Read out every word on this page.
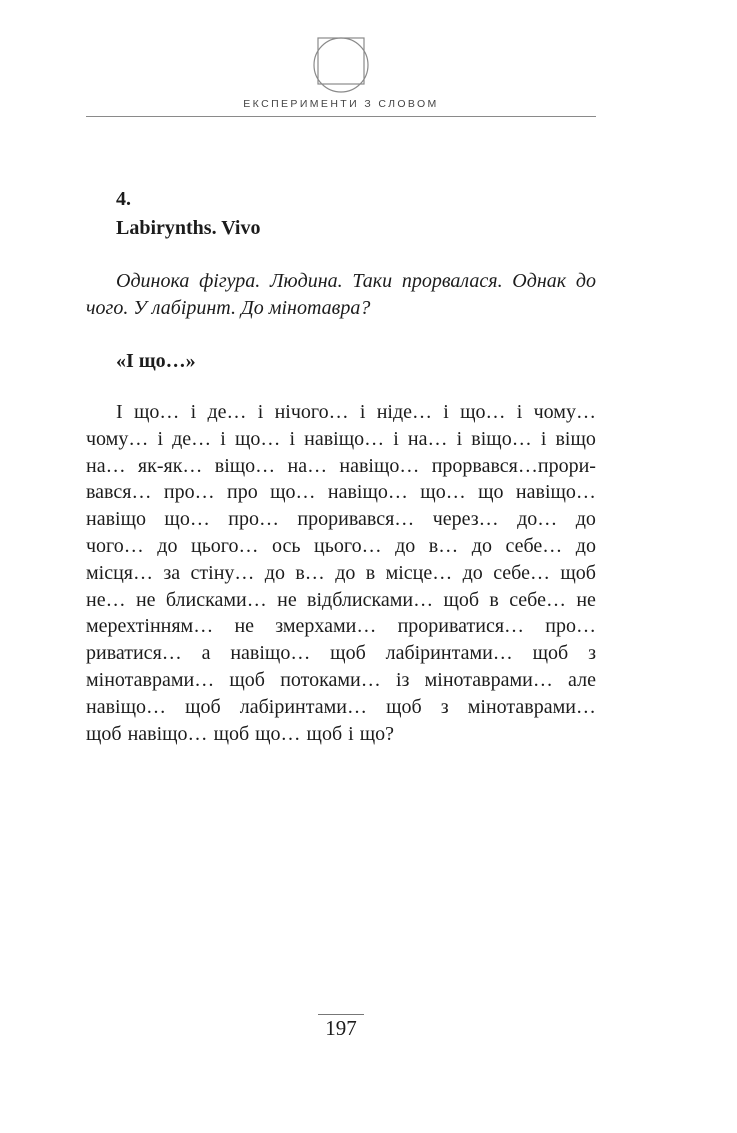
ЕКСПЕРИМЕНТИ З СЛОВОМ
4.
Labirynths. Vivo

Одинока фігура. Людина. Таки прорвалася. Однак до чого. У лабіринт. До мінотавра?

«І що…»
І що… і де… і нічого… і ніде… і що… і чому…
чому… і де… і що… і навіщо… і на… і віщо… і віщо
на… як-як… віщо… на… навіщо… прорвався…прори-
вався… про… про що… навіщо… що… що навіщо…
навіщо що… про… проривався… через… до… до
чого… до цього… ось цього… до в… до себе… до
місця… за стіну… до в… до в місце… до себе… щоб
не… не блисками… не відблисками… щоб в себе… не
мерехтінням… не змерхами… прориватися… про…
риватися… а навіщо… щоб лабіринтами… щоб з
мінотаврами… щоб потоками… із мінотаврами… але
навіщо… щоб лабіринтами… щоб з мінотаврами…
щоб навіщо… щоб що… щоб і що?
197
